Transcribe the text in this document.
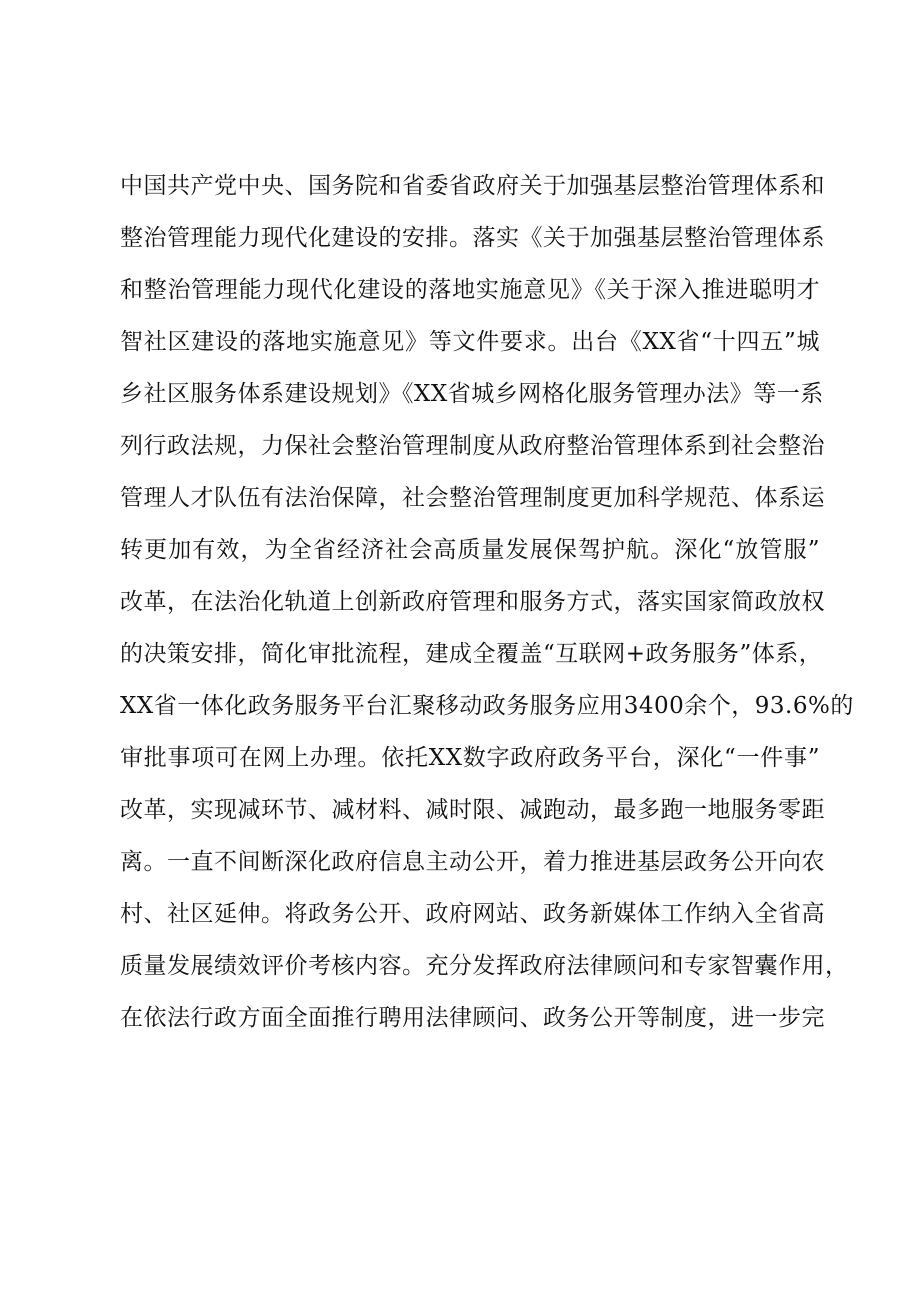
中国共产党中央、国务院和省委省政府关于加强基层整治管理体系和
整治管理能力现代化建设的安排。落实《关于加强基层整治管理体系
和整治管理能力现代化建设的落地实施意见》《关于深入推进聪明才
智社区建设的落地实施意见》等文件要求。出台《XX省“十四五”城
乡社区服务体系建设规划》《XX省城乡网格化服务管理办法》等一系
列行政法规，力保社会整治管理制度从政府整治管理体系到社会整治
管理人才队伍有法治保障，社会整治管理制度更加科学规范、体系运
转更加有效，为全省经济社会高质量发展保驾护航。深化“放管服”
改革，在法治化轨道上创新政府管理和服务方式，落实国家简政放权
的决策安排，简化审批流程，建成全覆盖“互联网+政务服务”体系，
XX省一体化政务服务平台汇聚移动政务服务应用3400余个，93.6%的
审批事项可在网上办理。依托XX数字政府政务平台，深化“一件事”
改革，实现减环节、减材料、减时限、减跑动，最多跑一地服务零距
离。一直不间断深化政府信息主动公开，着力推进基层政务公开向农
村、社区延伸。将政务公开、政府网站、政务新媒体工作纳入全省高
质量发展绩效评价考核内容。充分发挥政府法律顾问和专家智囊作用，
在依法行政方面全面推行聘用法律顾问、政务公开等制度，进一步完
